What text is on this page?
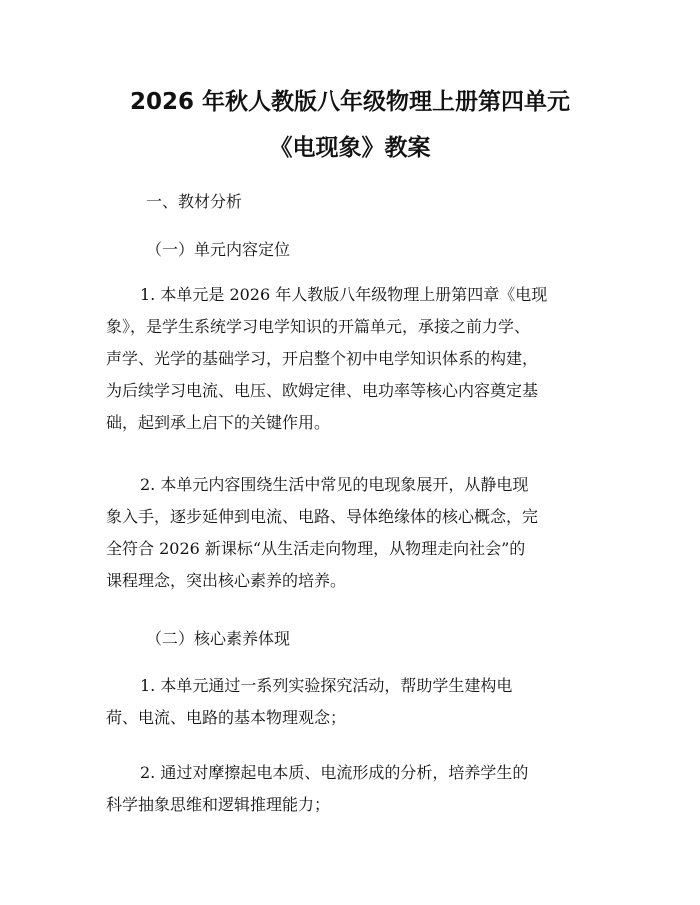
2026 年秋人教版八年级物理上册第四单元
《电现象》教案

一、教材分析

（一）单元内容定位

1. 本单元是 2026 年人教版八年级物理上册第四章《电现
象》，是学生系统学习电学知识的开篇单元，承接之前力学、
声学、光学的基础学习，开启整个初中电学知识体系的构建，
为后续学习电流、电压、欧姆定律、电功率等核心内容奠定基
础，起到承上启下的关键作用。

2. 本单元内容围绕生活中常见的电现象展开，从静电现
象入手，逐步延伸到电流、电路、导体绝缘体的核心概念，完
全符合 2026 新课标“从生活走向物理，从物理走向社会”的
课程理念，突出核心素养的培养。

（二）核心素养体现

1. 本单元通过一系列实验探究活动，帮助学生建构电
荷、电流、电路的基本物理观念；

2. 通过对摩擦起电本质、电流形成的分析，培养学生的
科学抽象思维和逻辑推理能力；
